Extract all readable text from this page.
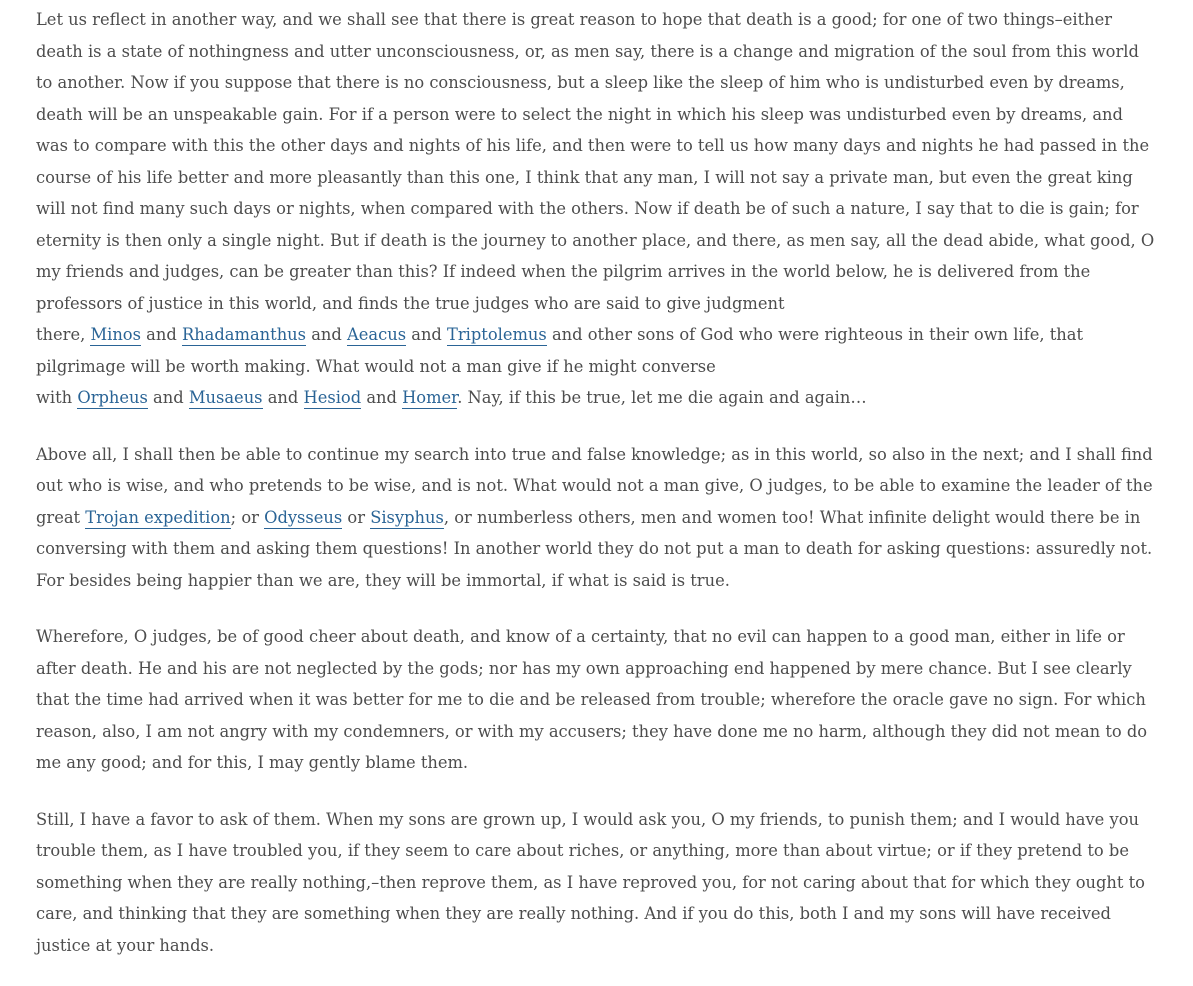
Let us reflect in another way, and we shall see that there is great reason to hope that death is a good; for one of two things–either death is a state of nothingness and utter unconsciousness, or, as men say, there is a change and migration of the soul from this world to another. Now if you suppose that there is no consciousness, but a sleep like the sleep of him who is undisturbed even by dreams, death will be an unspeakable gain. For if a person were to select the night in which his sleep was undisturbed even by dreams, and was to compare with this the other days and nights of his life, and then were to tell us how many days and nights he had passed in the course of his life better and more pleasantly than this one, I think that any man, I will not say a private man, but even the great king will not find many such days or nights, when compared with the others. Now if death be of such a nature, I say that to die is gain; for eternity is then only a single night. But if death is the journey to another place, and there, as men say, all the dead abide, what good, O my friends and judges, can be greater than this? If indeed when the pilgrim arrives in the world below, he is delivered from the professors of justice in this world, and finds the true judges who are said to give judgment
there, Minos and Rhadamanthus and Aeacus and Triptolemus and other sons of God who were righteous in their own life, that pilgrimage will be worth making. What would not a man give if he might converse
with Orpheus and Musaeus and Hesiod and Homer. Nay, if this be true, let me die again and again…

Above all, I shall then be able to continue my search into true and false knowledge; as in this world, so also in the next; and I shall find out who is wise, and who pretends to be wise, and is not. What would not a man give, O judges, to be able to examine the leader of the great Trojan expedition; or Odysseus or Sisyphus, or numberless others, men and women too! What infinite delight would there be in conversing with them and asking them questions! In another world they do not put a man to death for asking questions: assuredly not. For besides being happier than we are, they will be immortal, if what is said is true.

Wherefore, O judges, be of good cheer about death, and know of a certainty, that no evil can happen to a good man, either in life or after death. He and his are not neglected by the gods; nor has my own approaching end happened by mere chance. But I see clearly that the time had arrived when it was better for me to die and be released from trouble; wherefore the oracle gave no sign. For which reason, also, I am not angry with my condemners, or with my accusers; they have done me no harm, although they did not mean to do me any good; and for this, I may gently blame them.

Still, I have a favor to ask of them. When my sons are grown up, I would ask you, O my friends, to punish them; and I would have you trouble them, as I have troubled you, if they seem to care about riches, or anything, more than about virtue; or if they pretend to be something when they are really nothing,–then reprove them, as I have reproved you, for not caring about that for which they ought to care, and thinking that they are something when they are really nothing. And if you do this, both I and my sons will have received justice at your hands.
